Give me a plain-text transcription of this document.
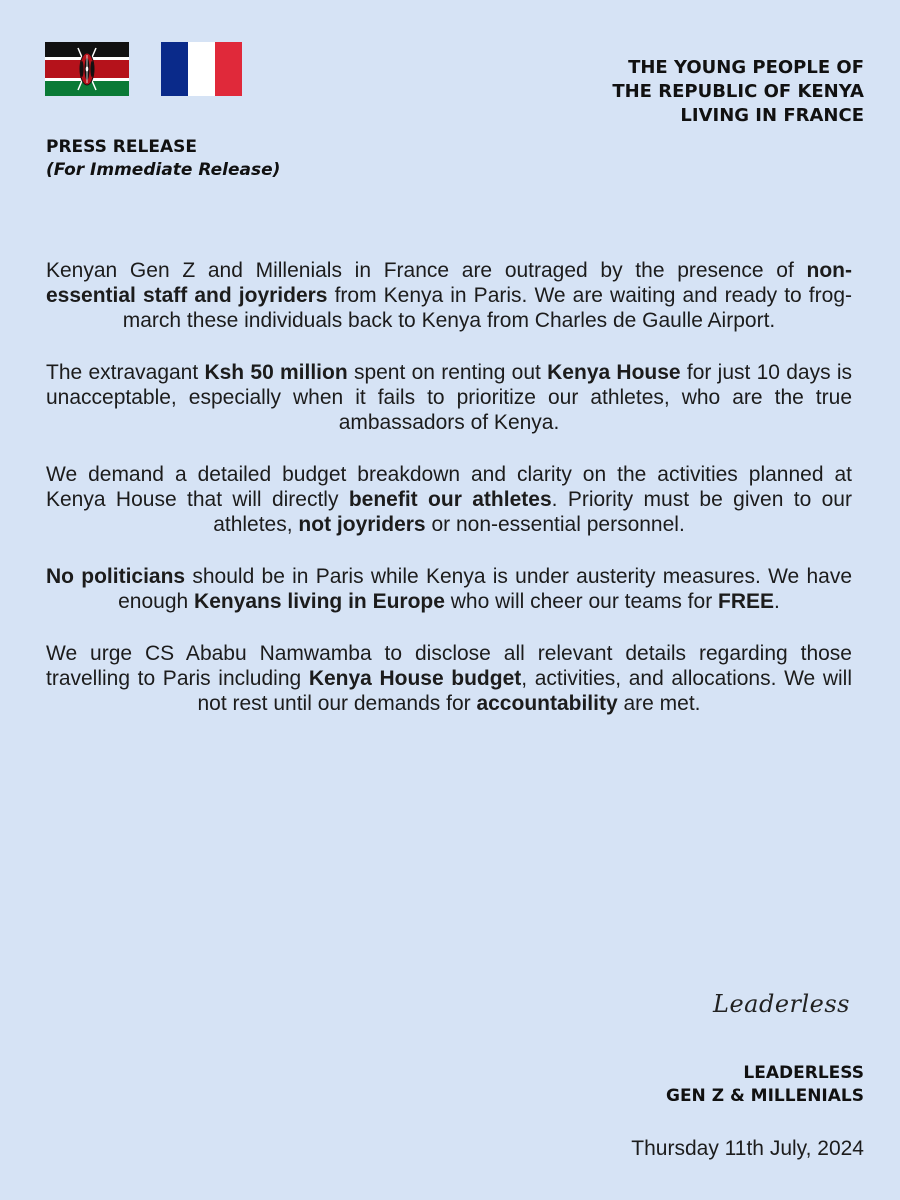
THE YOUNG PEOPLE OF
THE REPUBLIC OF KENYA
LIVING IN FRANCE
PRESS RELEASE
(For Immediate Release)

Kenyan Gen Z and Millenials in France are outraged by the presence of non-essential staff and joyriders from Kenya in Paris. We are waiting and ready to frog-march these individuals back to Kenya from Charles de Gaulle Airport.

The extravagant Ksh 50 million spent on renting out Kenya House for just 10 days is unacceptable, especially when it fails to prioritize our athletes, who are the true ambassadors of Kenya.

We demand a detailed budget breakdown and clarity on the activities planned at Kenya House that will directly benefit our athletes. Priority must be given to our athletes, not joyriders or non-essential personnel.

No politicians should be in Paris while Kenya is under austerity measures. We have enough Kenyans living in Europe who will cheer our teams for FREE.

We urge CS Ababu Namwamba to disclose all relevant details regarding those travelling to Paris including Kenya House budget, activities, and allocations. We will not rest until our demands for accountability are met.

Leaderless
LEADERLESS
GEN Z & MILLENIALS
Thursday 11th July, 2024
